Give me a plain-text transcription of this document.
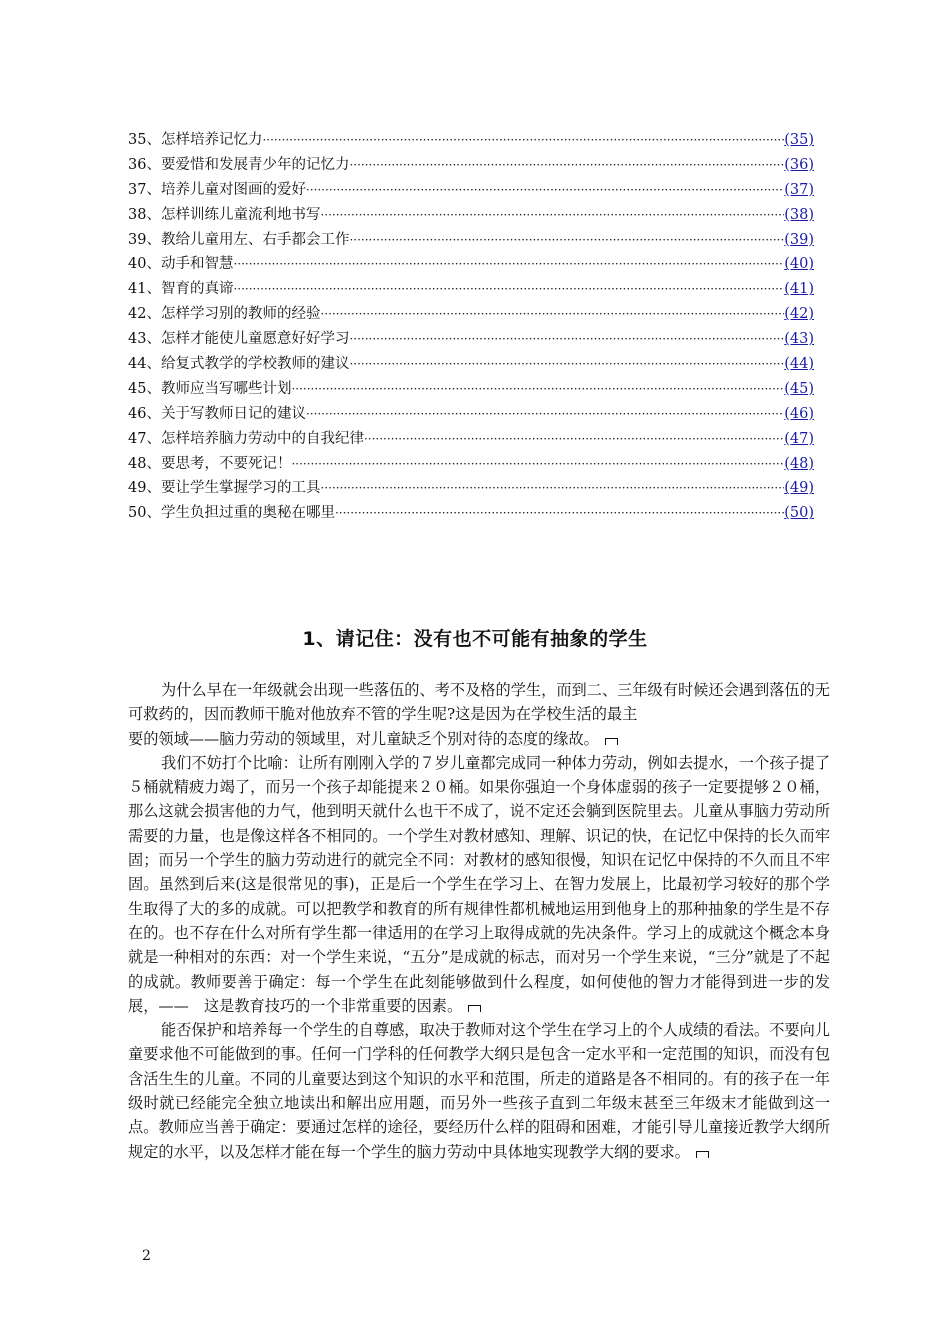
35、怎样培养记忆力 ·····	(35)
36、要爱惜和发展青少年的记忆力 ·····	(36)
37、培养儿童对图画的爱好 ·····	(37)
38、怎样训练儿童流利地书写 ·····	(38)
39、教给儿童用左、右手都会工作 ·····	(39)
40、动手和智慧 ·····	(40)
41、智育的真谛 ·····	(41)
42、怎样学习别的教师的经验 ·····	(42)
43、怎样才能使儿童愿意好好学习 ·····	(43)
44、给复式教学的学校教师的建议 ·····	(44)
45、教师应当写哪些计划 ·····	(45)
46、关于写教师日记的建议 ·····	(46)
47、怎样培养脑力劳动中的自我纪律 ·····	(47)
48、要思考，不要死记！ ·····	(48)
49、要让学生掌握学习的工具 ·····	(49)
50、学生负担过重的奥秘在哪里 ·····	(50)
1、请记住：没有也不可能有抽象的学生

为什么早在一年级就会出现一些落伍的、考不及格的学生，而到二、三年级有时候还会遇到落伍的无可救药的，因而教师干脆对他放弃不管的学生呢?这是因为在学校生活的最主
要的领域——脑力劳动的领域里，对儿童缺乏个别对待的态度的缘故。

我们不妨打个比喻：让所有刚刚入学的７岁儿童都完成同一种体力劳动，例如去提水，一个孩子提了５桶就精疲力竭了，而另一个孩子却能提来２０桶。如果你强迫一个身体虚弱的孩子一定要提够２０桶，那么这就会损害他的力气，他到明天就什么也干不成了，说不定还会躺到医院里去。儿童从事脑力劳动所需要的力量，也是像这样各不相同的。一个学生对教材感知、理解、识记的快，在记忆中保持的长久而牢固；而另一个学生的脑力劳动进行的就完全不同：对教材的感知很慢，知识在记忆中保持的不久而且不牢固。虽然到后来(这是很常见的事)，正是后一个学生在学习上、在智力发展上，比最初学习较好的那个学生取得了大的多的成就。可以把教学和教育的所有规律性都机械地运用到他身上的那种抽象的学生是不存在的。也不存在什么对所有学生都一律适用的在学习上取得成就的先决条件。学习上的成就这个概念本身就是一种相对的东西：对一个学生来说，“五分”是成就的标志，而对另一个学生来说，“三分”就是了不起的成就。教师要善于确定：每一个学生在此刻能够做到什么程度，如何使他的智力才能得到进一步的发展，——　这是教育技巧的一个非常重要的因素。

能否保护和培养每一个学生的自尊感，取决于教师对这个学生在学习上的个人成绩的看法。不要向儿童要求他不可能做到的事。任何一门学科的任何教学大纲只是包含一定水平和一定范围的知识，而没有包含活生生的儿童。不同的儿童要达到这个知识的水平和范围，所走的道路是各不相同的。有的孩子在一年级时就已经能完全独立地读出和解出应用题，而另外一些孩子直到二年级末甚至三年级末才能做到这一点。教师应当善于确定：要通过怎样的途径，要经历什么样的阻碍和困难，才能引导儿童接近教学大纲所规定的水平，以及怎样才能在每一个学生的脑力劳动中具体地实现教学大纲的要求。

2
